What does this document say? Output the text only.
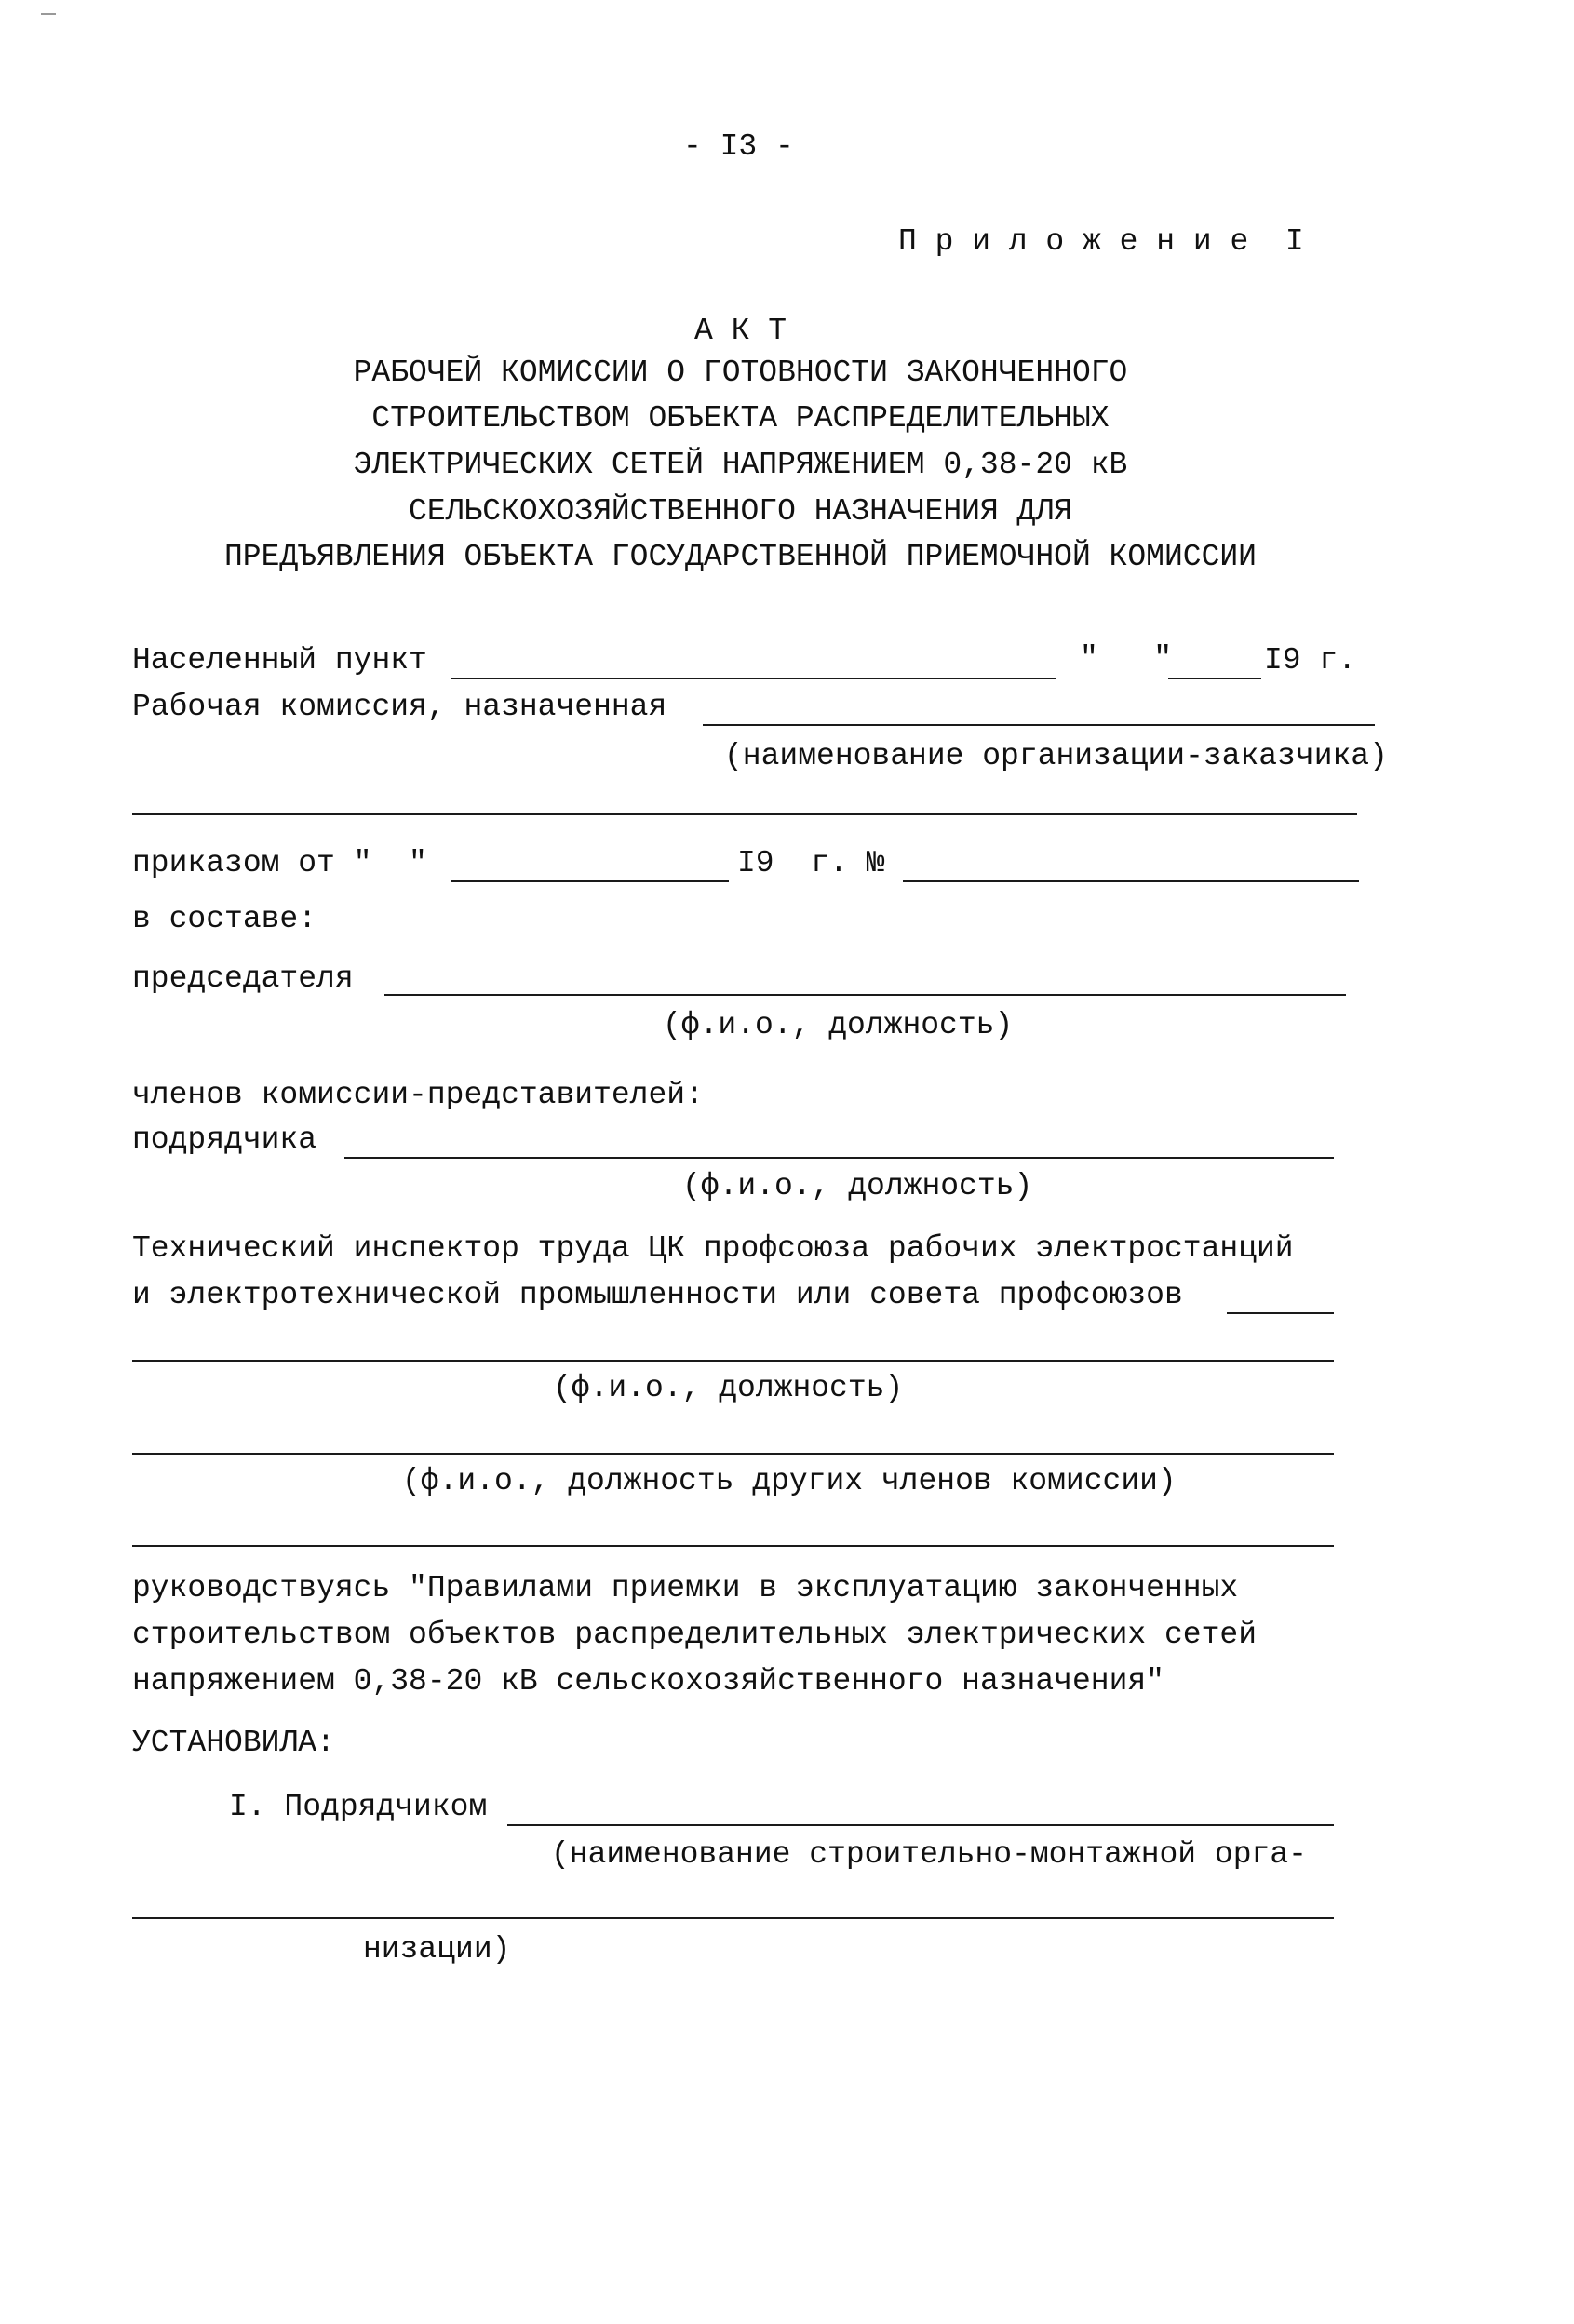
- I3 -
П р и л о ж е н и е  I
А К Т
РАБОЧЕЙ КОМИССИИ О ГОТОВНОСТИ ЗАКОНЧЕННОГО
СТРОИТЕЛЬСТВОМ ОБЪЕКТА РАСПРЕДЕЛИТЕЛЬНЫХ
ЭЛЕКТРИЧЕСКИХ СЕТЕЙ НАПРЯЖЕНИЕМ 0,38-20 кВ
СЕЛЬСКОХОЗЯЙСТВЕННОГО НАЗНАЧЕНИЯ ДЛЯ
ПРЕДЪЯВЛЕНИЯ ОБЪЕКТА ГОСУДАРСТВЕННОЙ ПРИЕМОЧНОЙ КОМИССИИ
Населенный пункт	"   "	I9 г.
Рабочая комиссия, назначенная
(наименование организации-заказчика)
приказом от "  "	I9  г. №
в составе:
председателя
(ф.и.о., должность)
членов комиссии-представителей:
подрядчика
(ф.и.о., должность)
Технический инспектор труда ЦК профсоюза рабочих электростанций
и электротехнической промышленности или совета профсоюзов
(ф.и.о., должность)
(ф.и.о., должность других членов комиссии)
руководствуясь "Правилами приемки в эксплуатацию законченных
строительством объектов распределительных электрических сетей
напряжением 0,38-20 кВ сельскохозяйственного назначения"
УСТАНОВИЛА:
I. Подрядчиком
(наименование строительно-монтажной орга-
низации)
